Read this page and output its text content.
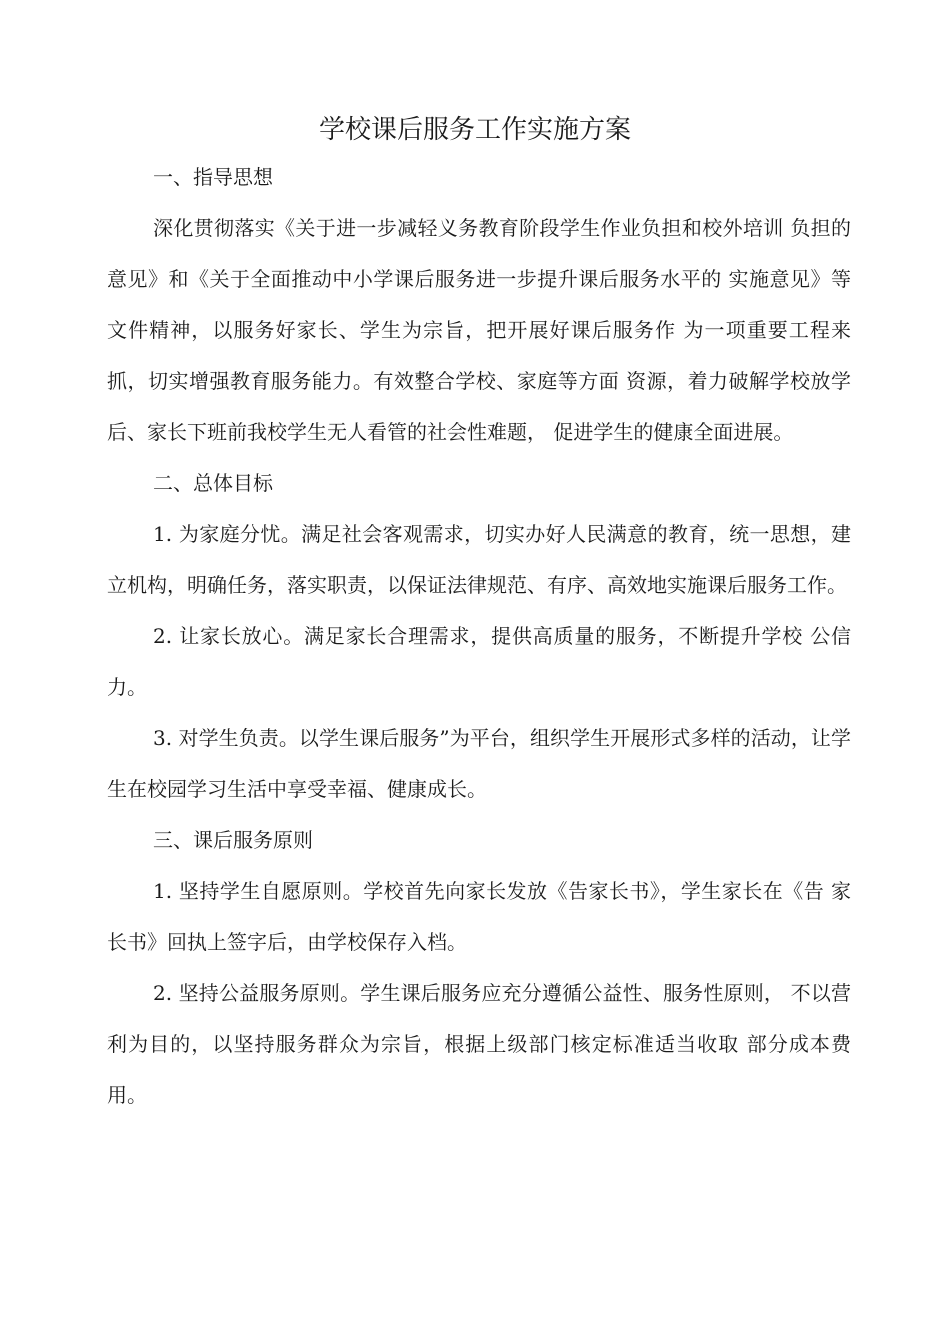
学校课后服务工作实施方案

一、指导思想

深化贯彻落实《关于进一步减轻义务教育阶段学生作业负担和校外培训 负担的意见》和《关于全面推动中小学课后服务进一步提升课后服务水平的 实施意见》等文件精神，以服务好家长、学生为宗旨，把开展好课后服务作 为一项重要工程来抓，切实增强教育服务能力。有效整合学校、家庭等方面 资源，着力破解学校放学后、家长下班前我校学生无人看管的社会性难题， 促进学生的健康全面进展。

二、总体目标

1. 为家庭分忧。满足社会客观需求，切实办好人民满意的教育，统一思想，建立机构，明确任务，落实职责，以保证法律规范、有序、高效地实施课后服务工作。

2. 让家长放心。满足家长合理需求，提供高质量的服务，不断提升学校 公信力。

3. 对学生负责。以学生课后服务”为平台，组织学生开展形式多样的活动，让学生在校园学习生活中享受幸福、健康成长。

三、课后服务原则

1. 坚持学生自愿原则。学校首先向家长发放《告家长书》，学生家长在《告 家长书》回执上签字后，由学校保存入档。

2. 坚持公益服务原则。学生课后服务应充分遵循公益性、服务性原则， 不以营利为目的，以坚持服务群众为宗旨，根据上级部门核定标准适当收取 部分成本费用。
